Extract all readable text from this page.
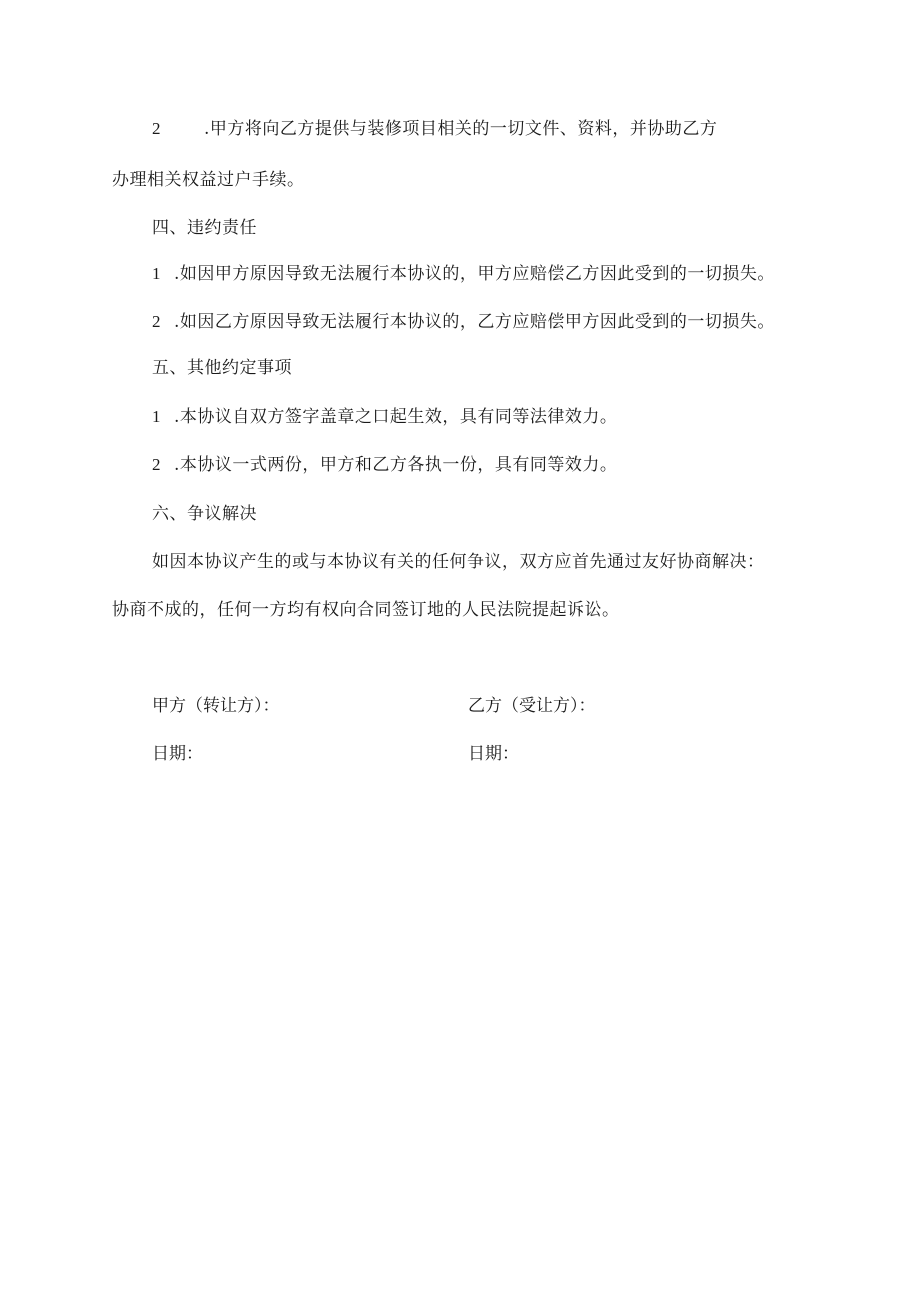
2	.甲方将向乙方提供与装修项目相关的一切文件、资料，并协助乙方
办理相关权益过户手续。
四、违约责任
1 .如因甲方原因导致无法履行本协议的，甲方应赔偿乙方因此受到的一切损失。
2 .如因乙方原因导致无法履行本协议的，乙方应赔偿甲方因此受到的一切损失。
五、其他约定事项
1 .本协议自双方签字盖章之口起生效，具有同等法律效力。
2 .本协议一式两份，甲方和乙方各执一份，具有同等效力。
六、争议解决
如因本协议产生的或与本协议有关的任何争议，双方应首先通过友好协商解决：
协商不成的，任何一方均有权向合同签订地的人民法院提起诉讼。
甲方（转让方）：	乙方（受让方）：
日期：	日期：
